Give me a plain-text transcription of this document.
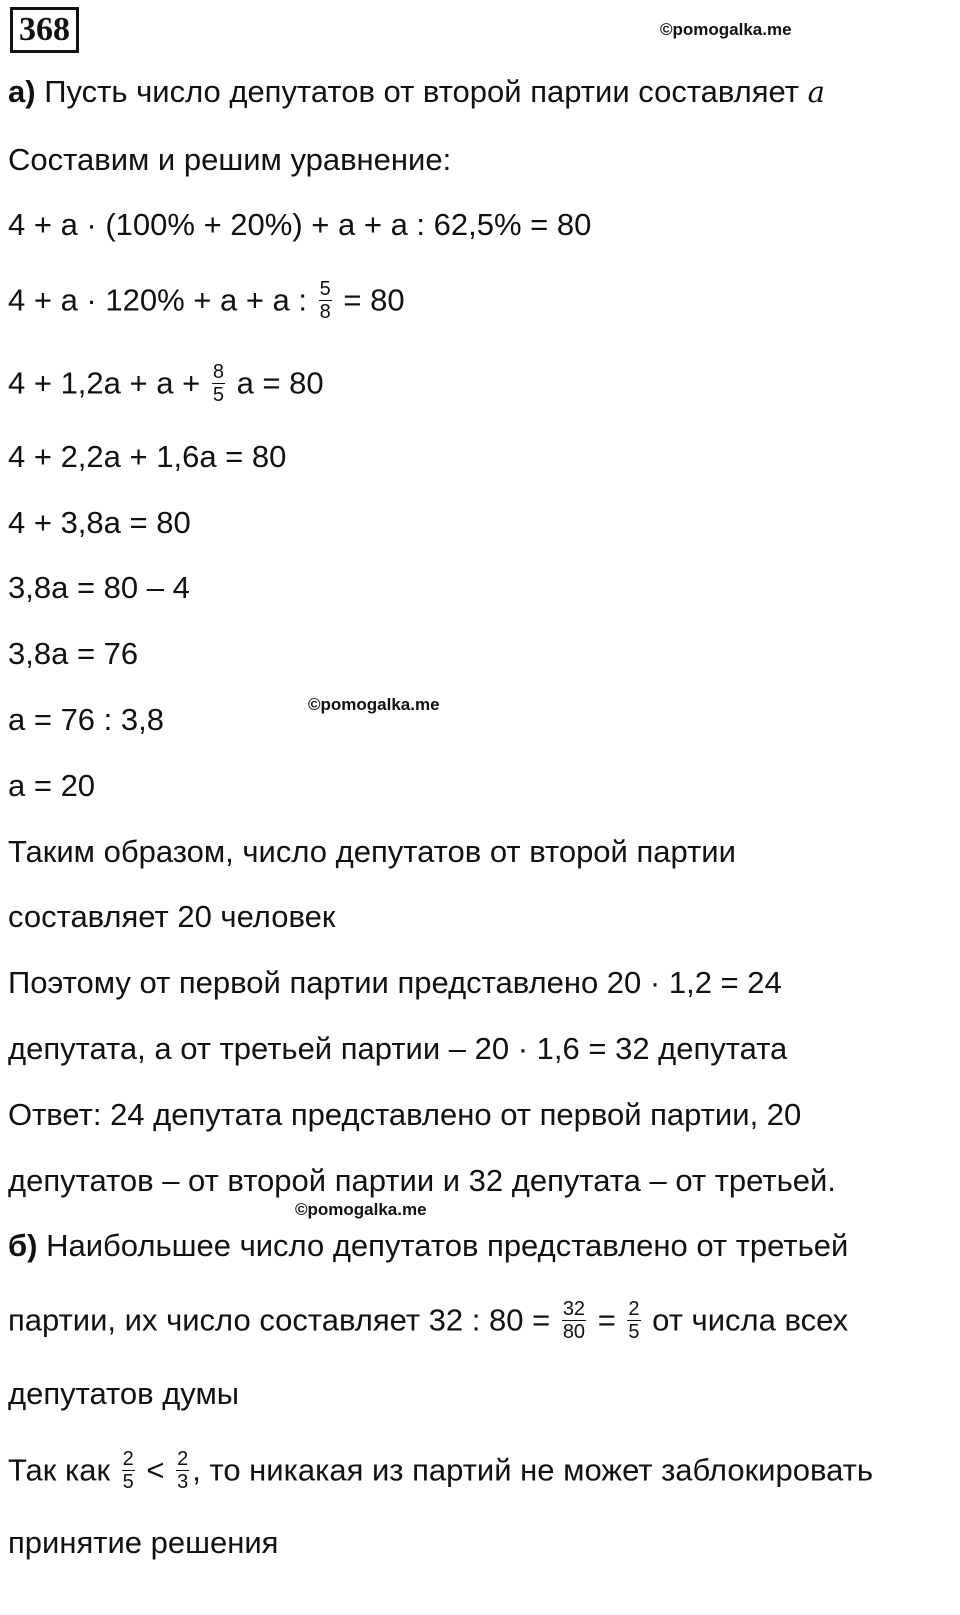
368	©pomogalka.me
©pomogalka.me
©pomogalka.me
а) Пусть число депутатов от второй партии составляет a
Составим и решим уравнение:
4 + a · (100% + 20%) + a + a : 62,5% = 80
4 + a · 120% + a + a : $\frac{5}{8} = 80$
$4 + 1,2a + a + \frac{8}{5}$ a = 80
4 + 2,2a + 1,6a = 80
4 + 3,8a = 80
3,8a = 80 – 4
3,8a = 76
a = 76 : 3,8
a = 20
Таким образом, число депутатов от второй партии
составляет 20 человек
Поэтому от первой партии представлено 20 · 1,2 = 24
депутата, а от третьей партии – 20 · 1,6 = 32 депутата
Ответ: 24 депутата представлено от первой партии, 20
депутатов – от второй партии и 32 депутата – от третьей.
б) Наибольшее число депутатов представлено от третьей
партии, их число составляет 32 : $80 = \frac{32}{80} = \frac{2}{5}$ от числа всех
депутатов думы
Так как $\frac{2}{5} < \frac{2}{3}$ , то никакая из партий не может заблокировать
принятие решения
